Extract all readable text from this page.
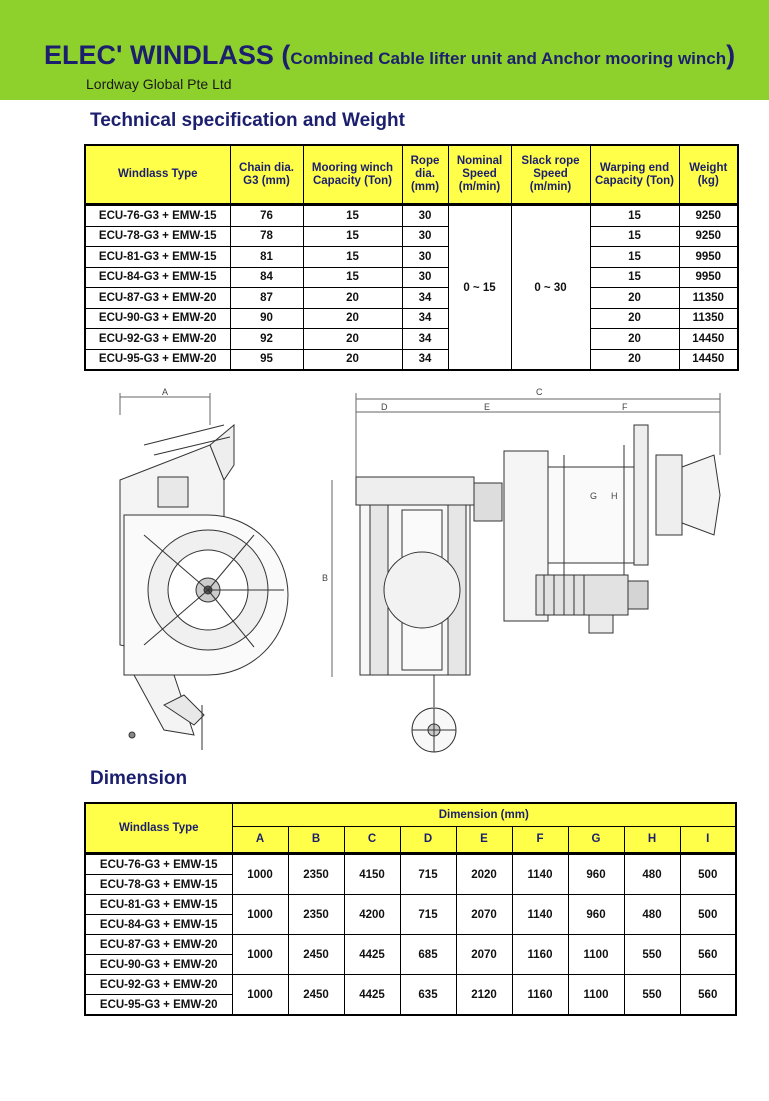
ELEC' WINDLASS (Combined Cable lifter unit and Anchor mooring winch)
Lordway Global Pte Ltd
Technical specification and Weight
Windlass Type	Chain dia. G3 (mm)	Mooring winch Capacity (Ton)	Rope dia. (mm)	Nominal Speed (m/min)	Slack rope Speed (m/min)	Warping end Capacity (Ton)	Weight (kg)
ECU-76-G3 + EMW-15	76	15	30	0 ~ 15	0 ~ 30	15	9250
ECU-78-G3 + EMW-15	78	15	30			15	9250
ECU-81-G3 + EMW-15	81	15	30			15	9950
ECU-84-G3 + EMW-15	84	15	30			15	9950
ECU-87-G3 + EMW-20	87	20	34			20	11350
ECU-90-G3 + EMW-20	90	20	34			20	11350
ECU-92-G3 + EMW-20	92	20	34			20	14450
ECU-95-G3 + EMW-20	95	20	34			20	14450
A	C
D	E	F
B
G H
Dimension
Windlass Type	Dimension (mm)								
	A	B	C	D	E	F	G	H	I
ECU-76-G3 + EMW-15	1000	2350	4150	715	2020	1140	960	480	500
ECU-78-G3 + EMW-15									
ECU-81-G3 + EMW-15	1000	2350	4200	715	2070	1140	960	480	500
ECU-84-G3 + EMW-15									
ECU-87-G3 + EMW-20	1000	2450	4425	685	2070	1160	1100	550	560
ECU-90-G3 + EMW-20									
ECU-92-G3 + EMW-20	1000	2450	4425	635	2120	1160	1100	550	560
ECU-95-G3 + EMW-20									
